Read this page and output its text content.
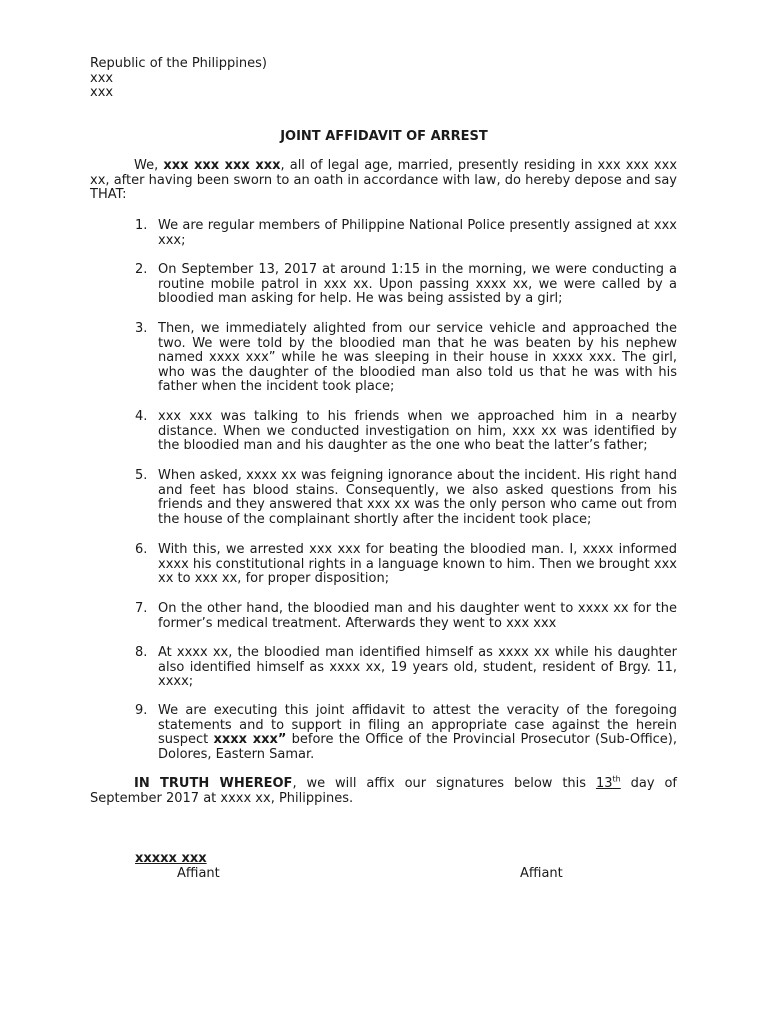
Republic of the Philippines)
xxx
xxx
JOINT AFFIDAVIT OF ARREST
We, xxx xxx xxx xxx, all of legal age, married, presently residing in xxx xxx xxx xx, after having been sworn to an oath in accordance with law, do hereby depose and say THAT:
1. We are regular members of Philippine National Police presently assigned at xxx xxx;
2. On September 13, 2017 at around 1:15 in the morning, we were conducting a routine mobile patrol in xxx xx. Upon passing xxxx xx, we were called by a bloodied man asking for help. He was being assisted by a girl;
3. Then, we immediately alighted from our service vehicle and approached the two. We were told by the bloodied man that he was beaten by his nephew named xxxx xxx” while he was sleeping in their house in xxxx xxx. The girl, who was the daughter of the bloodied man also told us that he was with his father when the incident took place;
4. xxx xxx was talking to his friends when we approached him in a nearby distance. When we conducted investigation on him, xxx xx was identified by the bloodied man and his daughter as the one who beat the latter’s father;
5. When asked, xxxx xx was feigning ignorance about the incident. His right hand and feet has blood stains. Consequently, we also asked questions from his friends and they answered that xxx xx was the only person who came out from the house of the complainant shortly after the incident took place;
6. With this, we arrested xxx xxx for beating the bloodied man. I, xxxx informed xxxx his constitutional rights in a language known to him. Then we brought xxx xx to xxx xx, for proper disposition;
7. On the other hand, the bloodied man and his daughter went to xxxx xx for the former’s medical treatment. Afterwards they went to xxx xxx
8. At xxxx xx, the bloodied man identified himself as xxxx xx while his daughter also identified himself as xxxx xx, 19 years old, student, resident of Brgy. 11, xxxx;
9. We are executing this joint affidavit to attest the veracity of the foregoing statements and to support in filing an appropriate case against the herein suspect xxxx xxx” before the Office of the Provincial Prosecutor (Sub-Office), Dolores, Eastern Samar.
IN TRUTH WHEREOF, we will affix our signatures below this 13th day of September 2017 at xxxx xx, Philippines.
xxxxx xxx
Affiant	Affiant
